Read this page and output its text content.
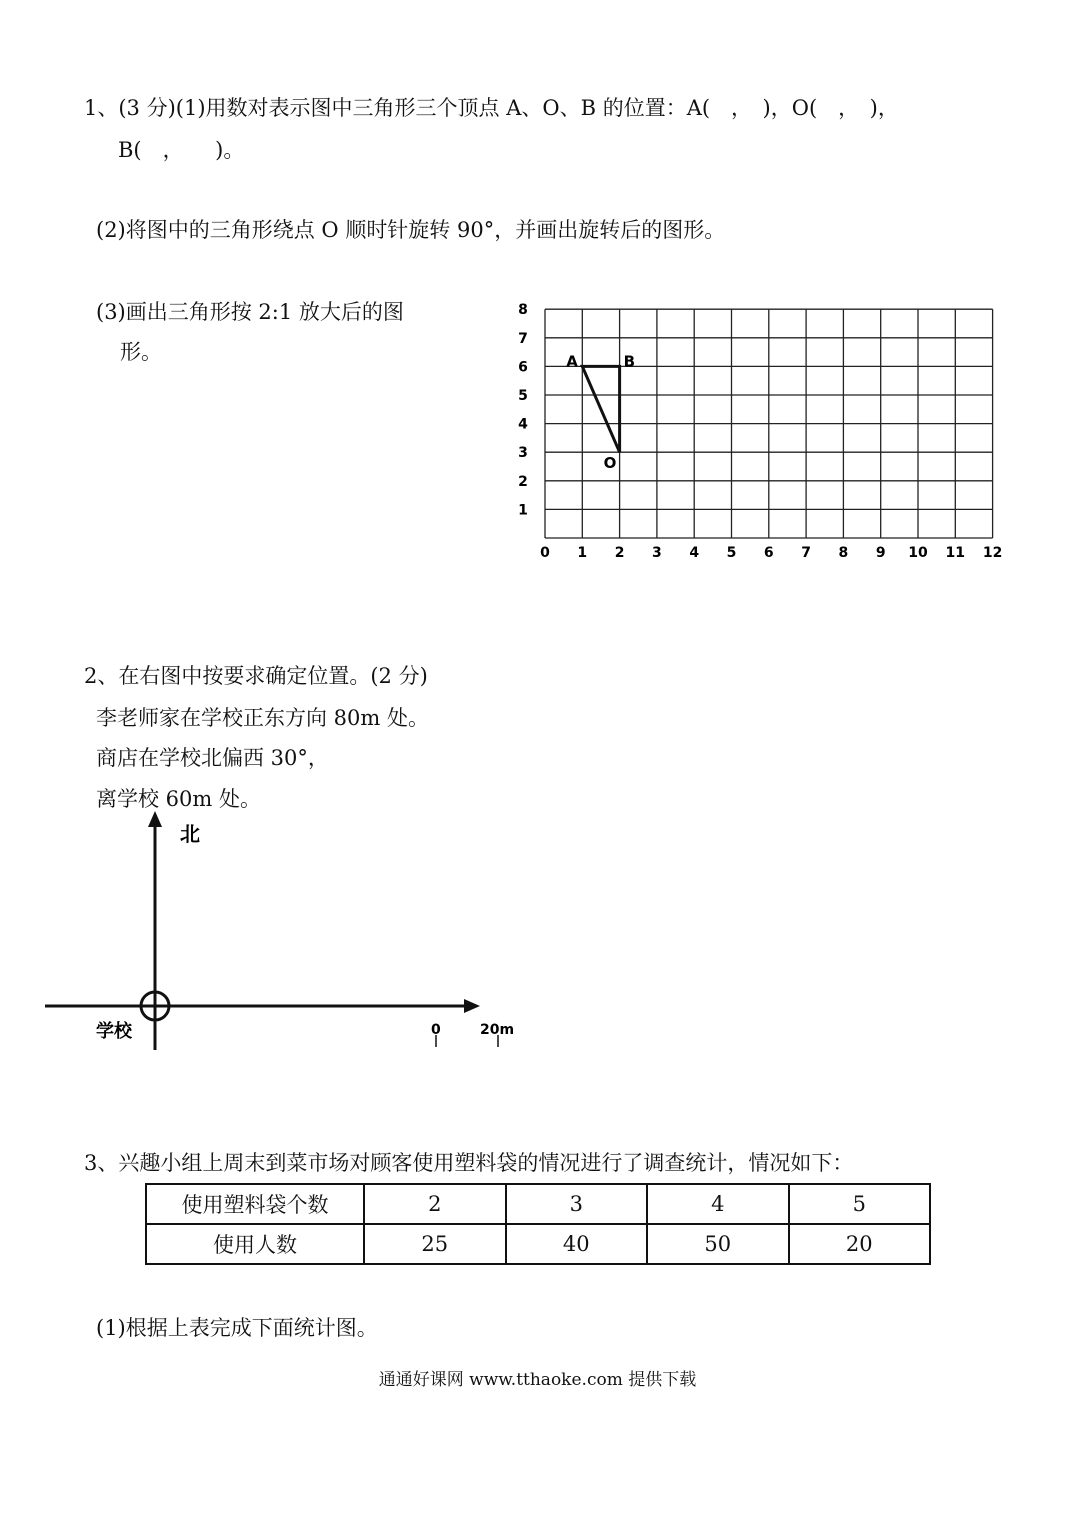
1、(3 分)(1)用数对表示图中三角形三个顶点 A、O、B 的位置：A(　，　)，O(　，　)，
B(　，　　)。
(2)将图中的三角形绕点 O 顺时针旋转 90°，并画出旋转后的图形。
(3)画出三角形按 2:1 放大后的图
形。
0 1 2 3 4 5 6 7 8 9 10 11 12
1
2
3
4
5
6
7
8
A	B
O
2、在右图中按要求确定位置。(2 分)
李老师家在学校正东方向 80m 处。
商店在学校北偏西 30°，
离学校 60m 处。
北
学校	0	20m
3、兴趣小组上周末到菜市场对顾客使用塑料袋的情况进行了调查统计，情况如下：
使用塑料袋个数	2	3	4	5
使用人数	25	40	50	20
(1)根据上表完成下面统计图。
通通好课网 www.tthaoke.com 提供下载
